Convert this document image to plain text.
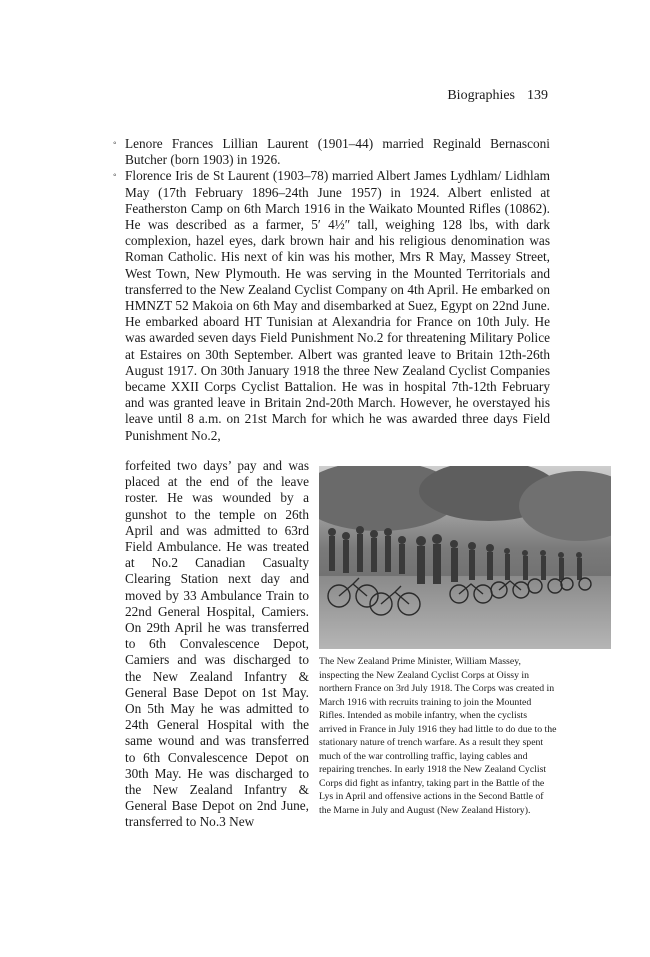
Biographies 139
◦ Lenore Frances Lillian Laurent (1901–44) married Reginald Bernasconi Butcher (born 1903) in 1926.
◦ Florence Iris de St Laurent (1903–78) married Albert James Lydhlam/ Lidhlam May (17th February 1896–24th June 1957) in 1924. Albert enlisted at Featherston Camp on 6th March 1916 in the Waikato Mounted Rifles (10862). He was described as a farmer, 5′ 4½″ tall, weighing 128 lbs, with dark complexion, hazel eyes, dark brown hair and his religious denomination was Roman Catholic. His next of kin was his mother, Mrs R May, Massey Street, West Town, New Plymouth. He was serving in the Mounted Territorials and transferred to the New Zealand Cyclist Company on 4th April. He embarked on HMNZT 52 Makoia on 6th May and disembarked at Suez, Egypt on 22nd June. He embarked aboard HT Tunisian at Alexandria for France on 10th July. He was awarded seven days Field Punishment No.2 for threatening Military Police at Estaires on 30th September. Albert was granted leave to Britain 12th-26th August 1917. On 30th January 1918 the three New Zealand Cyclist Companies became XXII Corps Cyclist Battalion. He was in hospital 7th-12th February and was granted leave in Britain 2nd-20th March. However, he overstayed his leave until 8 a.m. on 21st March for which he was awarded three days Field Punishment No.2,
forfeited two days’ pay and was placed at the end of the leave roster. He was wounded by a gunshot to the temple on 26th April and was admitted to 63rd Field Ambulance. He was treated at No.2 Canadian Casualty Clearing Station next day and moved by 33 Ambulance Train to 22nd General Hospital, Camiers. On 29th April he was transferred to 6th Convalescence Depot, Camiers and was discharged to the New Zealand Infantry & General Base Depot on 1st May. On 5th May he was admitted to 24th General Hospital with the same wound and was transferred to 6th Convalescence Depot on 30th May. He was discharged to the New Zealand Infantry & General Base Depot on 2nd June, transferred to No.3 New
The New Zealand Prime Minister, William Massey, inspecting the New Zealand Cyclist Corps at Oissy in northern France on 3rd July 1918. The Corps was created in March 1916 with recruits training to join the Mounted Rifles. Intended as mobile infantry, when the cyclists arrived in France in July 1916 they had little to do due to the stationary nature of trench warfare. As a result they spent much of the war controlling traffic, laying cables and repairing trenches. In early 1918 the New Zealand Cyclist Corps did fight as infantry, taking part in the Battle of the Lys in April and offensive actions in the Second Battle of the Marne in July and August (New Zealand History).
